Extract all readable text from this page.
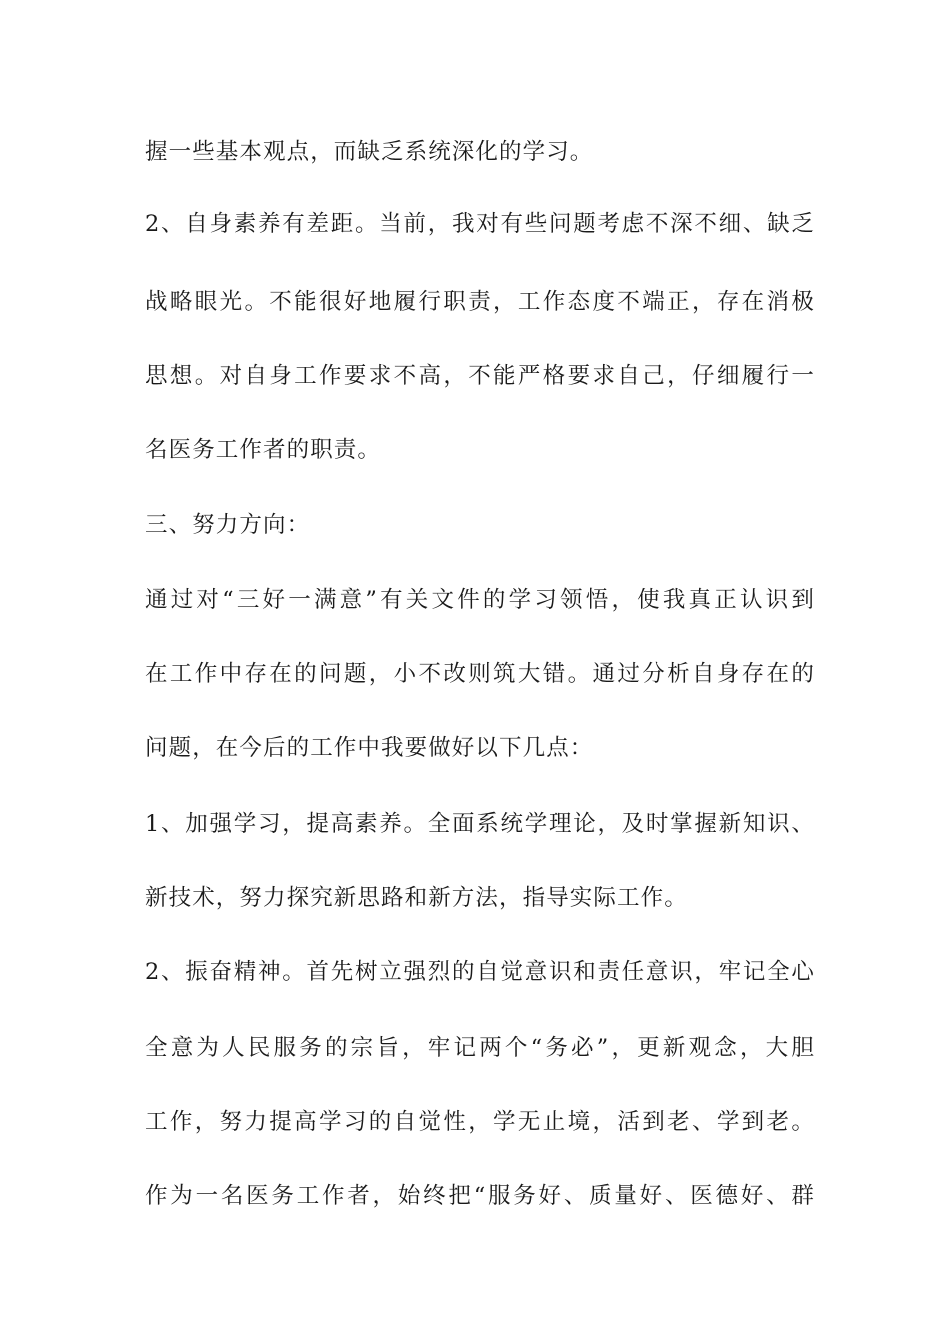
握一些基本观点，而缺乏系统深化的学习。
2、自身素养有差距。当前，我对有些问题考虑不深不细、缺乏
战略眼光。不能很好地履行职责，工作态度不端正，存在消极
思想。对自身工作要求不高，不能严格要求自己，仔细履行一
名医务工作者的职责。
三、努力方向：
通过对“三好一满意”有关文件的学习领悟，使我真正认识到
在工作中存在的问题，小不改则筑大错。通过分析自身存在的
问题，在今后的工作中我要做好以下几点：
1、加强学习，提高素养。全面系统学理论，及时掌握新知识、
新技术，努力探究新思路和新方法，指导实际工作。
2、振奋精神。首先树立强烈的自觉意识和责任意识，牢记全心
全意为人民服务的宗旨，牢记两个“务必”，更新观念，大胆
工作，努力提高学习的自觉性，学无止境，活到老、学到老。
作为一名医务工作者，始终把“服务好、质量好、医德好、群
